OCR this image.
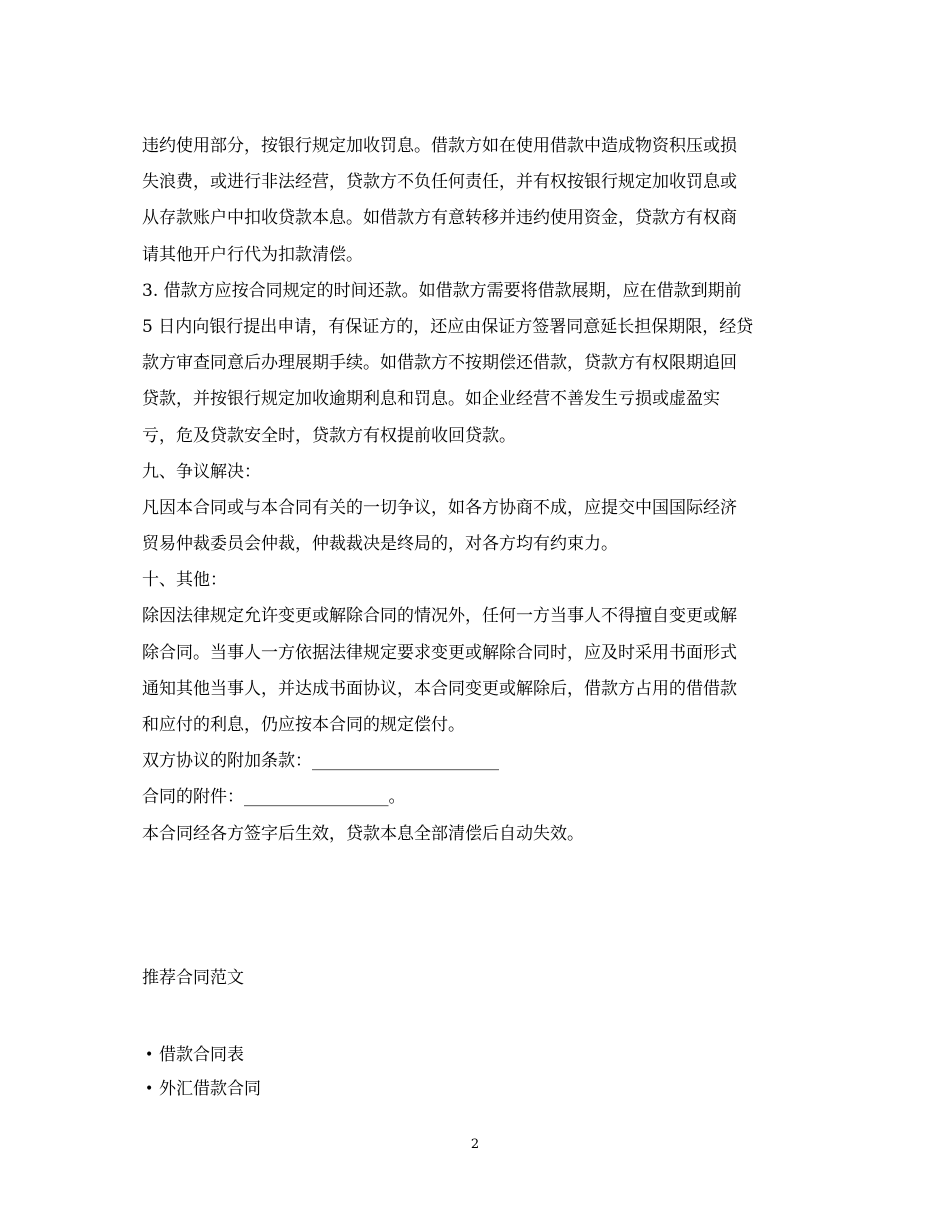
违约使用部分，按银行规定加收罚息。借款方如在使用借款中造成物资积压或损
失浪费，或进行非法经营，贷款方不负任何责任，并有权按银行规定加收罚息或
从存款账户中扣收贷款本息。如借款方有意转移并违约使用资金，贷款方有权商
请其他开户行代为扣款清偿。
3. 借款方应按合同规定的时间还款。如借款方需要将借款展期，应在借款到期前
5 日内向银行提出申请，有保证方的，还应由保证方签署同意延长担保期限，经贷
款方审查同意后办理展期手续。如借款方不按期偿还借款，贷款方有权限期追回
贷款，并按银行规定加收逾期利息和罚息。如企业经营不善发生亏损或虚盈实
亏，危及贷款安全时，贷款方有权提前收回贷款。
九、争议解决：
凡因本合同或与本合同有关的一切争议，如各方协商不成，应提交中国国际经济
贸易仲裁委员会仲裁，仲裁裁决是终局的，对各方均有约束力。
十、其他：
除因法律规定允许变更或解除合同的情况外，任何一方当事人不得擅自变更或解
除合同。当事人一方依据法律规定要求变更或解除合同时，应及时采用书面形式
通知其他当事人，并达成书面协议，本合同变更或解除后，借款方占用的借借款
和应付的利息，仍应按本合同的规定偿付。
双方协议的附加条款：______________________
合同的附件：_________________。
本合同经各方签字后生效，贷款本息全部清偿后自动失效。
推荐合同范文
• 借款合同表
• 外汇借款合同
2
